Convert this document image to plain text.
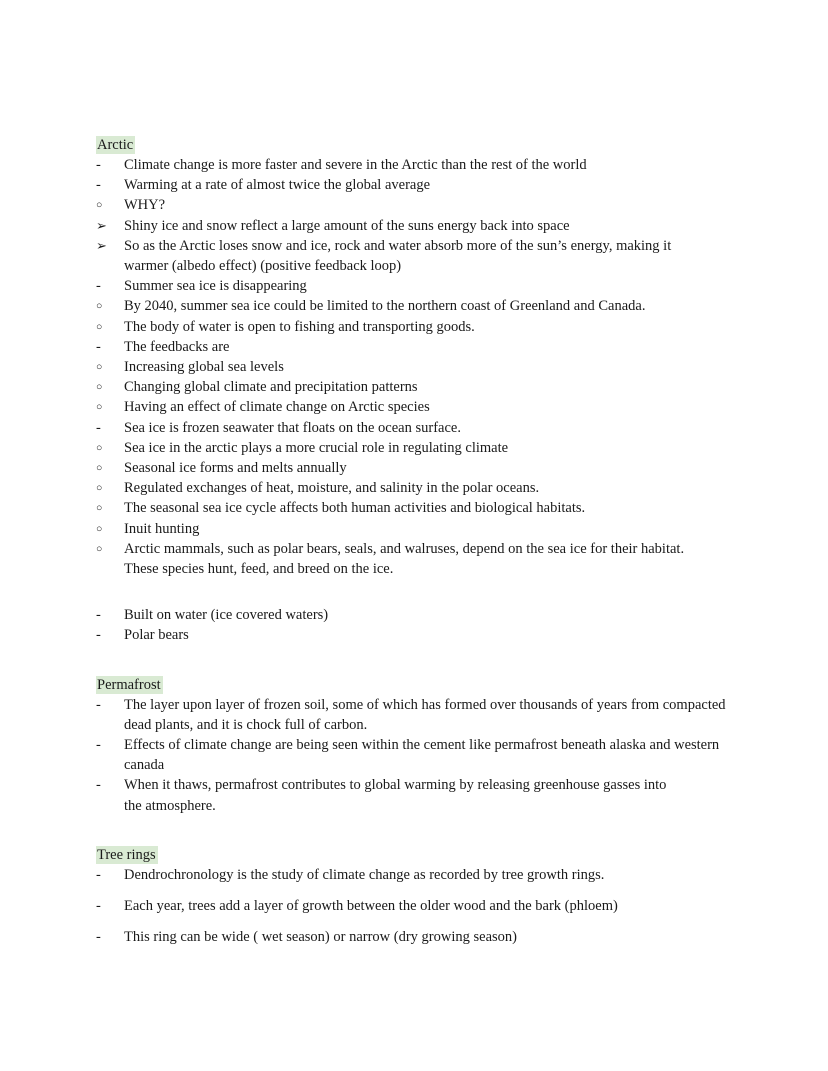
Arctic
-	Climate change is more faster and severe in the Arctic than the rest of the world
-	Warming at a rate of almost twice the global average
○	WHY?
➢	Shiny ice and snow reflect a large amount of the suns energy back into space
➢	So as the Arctic loses snow and ice, rock and water absorb more of the sun’s energy, making it warmer (albedo effect) (positive feedback loop)
-	Summer sea ice is disappearing
○	By 2040, summer sea ice could be limited to the northern coast of Greenland and Canada.
○	The body of water is open to fishing and transporting goods.
-	The feedbacks are
○	Increasing global sea levels
○	Changing global climate and precipitation patterns
○	Having an effect of climate change on Arctic species
-	Sea ice is frozen seawater that floats on the ocean surface.
○	Sea ice in the arctic plays a more crucial role in regulating climate
○	Seasonal ice forms and melts annually
○	Regulated exchanges of heat, moisture, and salinity in the polar oceans.
○	The seasonal sea ice cycle affects both human activities and biological habitats.
○	Inuit hunting
○	Arctic mammals, such as polar bears, seals, and walruses, depend on the sea ice for their habitat. These species hunt, feed, and breed on the ice.
-	Built on water (ice covered waters)
-	Polar bears
Permafrost
-	The layer upon layer of frozen soil, some of which has formed over thousands of years from compacted dead plants, and it is chock full of carbon.
-	Effects of climate change are being seen within the cement like permafrost beneath alaska and western canada
-	When it thaws, permafrost contributes to global warming by releasing greenhouse gasses into the atmosphere.
Tree rings
-	Dendrochronology is the study of climate change as recorded by tree growth rings.
-	Each year, trees add a layer of growth between the older wood and the bark (phloem)
-	This ring can be wide ( wet season) or narrow (dry growing season)
